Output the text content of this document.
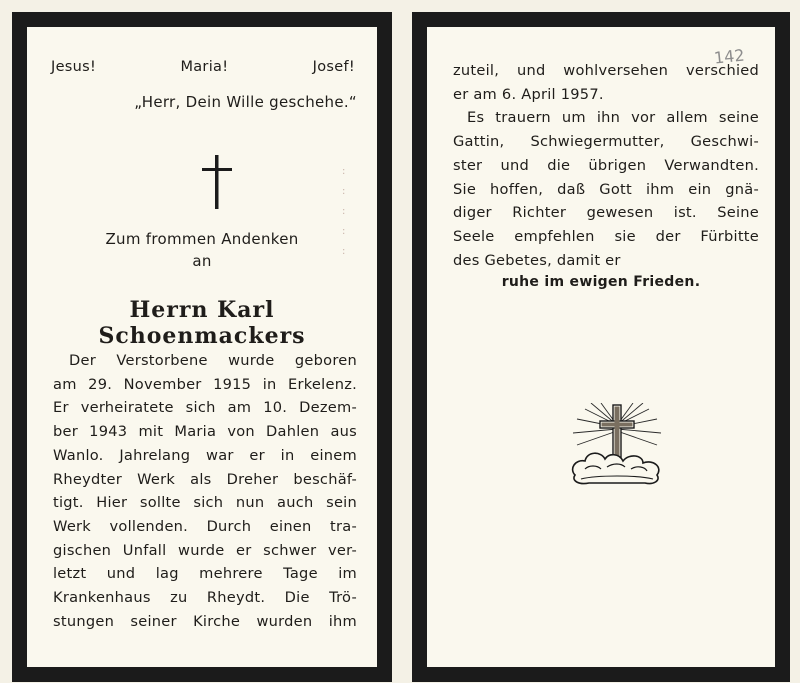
Jesus!	Maria!	Josef!
„Herr, Dein Wille geschehe.“
Zum frommen Andenken
an
Herrn Karl Schoenmackers
Der Verstorbene wurde geboren
am 29. November 1915 in Erkelenz.
Er verheiratete sich am 10. Dezem-
ber 1943 mit Maria von Dahlen aus
Wanlo. Jahrelang war er in einem
Rheydter Werk als Dreher beschäf-
tigt. Hier sollte sich nun auch sein
Werk vollenden. Durch einen tra-
gischen Unfall wurde er schwer ver-
letzt und lag mehrere Tage im
Krankenhaus zu Rheydt. Die Trö-
stungen seiner Kirche wurden ihm
:
:
:
:
:
142
zuteil, und wohlversehen verschied
er am 6. April 1957.
Es trauern um ihn vor allem seine
Gattin, Schwiegermutter, Geschwi-
ster und die übrigen Verwandten.
Sie hoffen, daß Gott ihm ein gnä-
diger Richter gewesen ist. Seine
Seele empfehlen sie der Fürbitte
des Gebetes, damit er
ruhe im ewigen Frieden.
